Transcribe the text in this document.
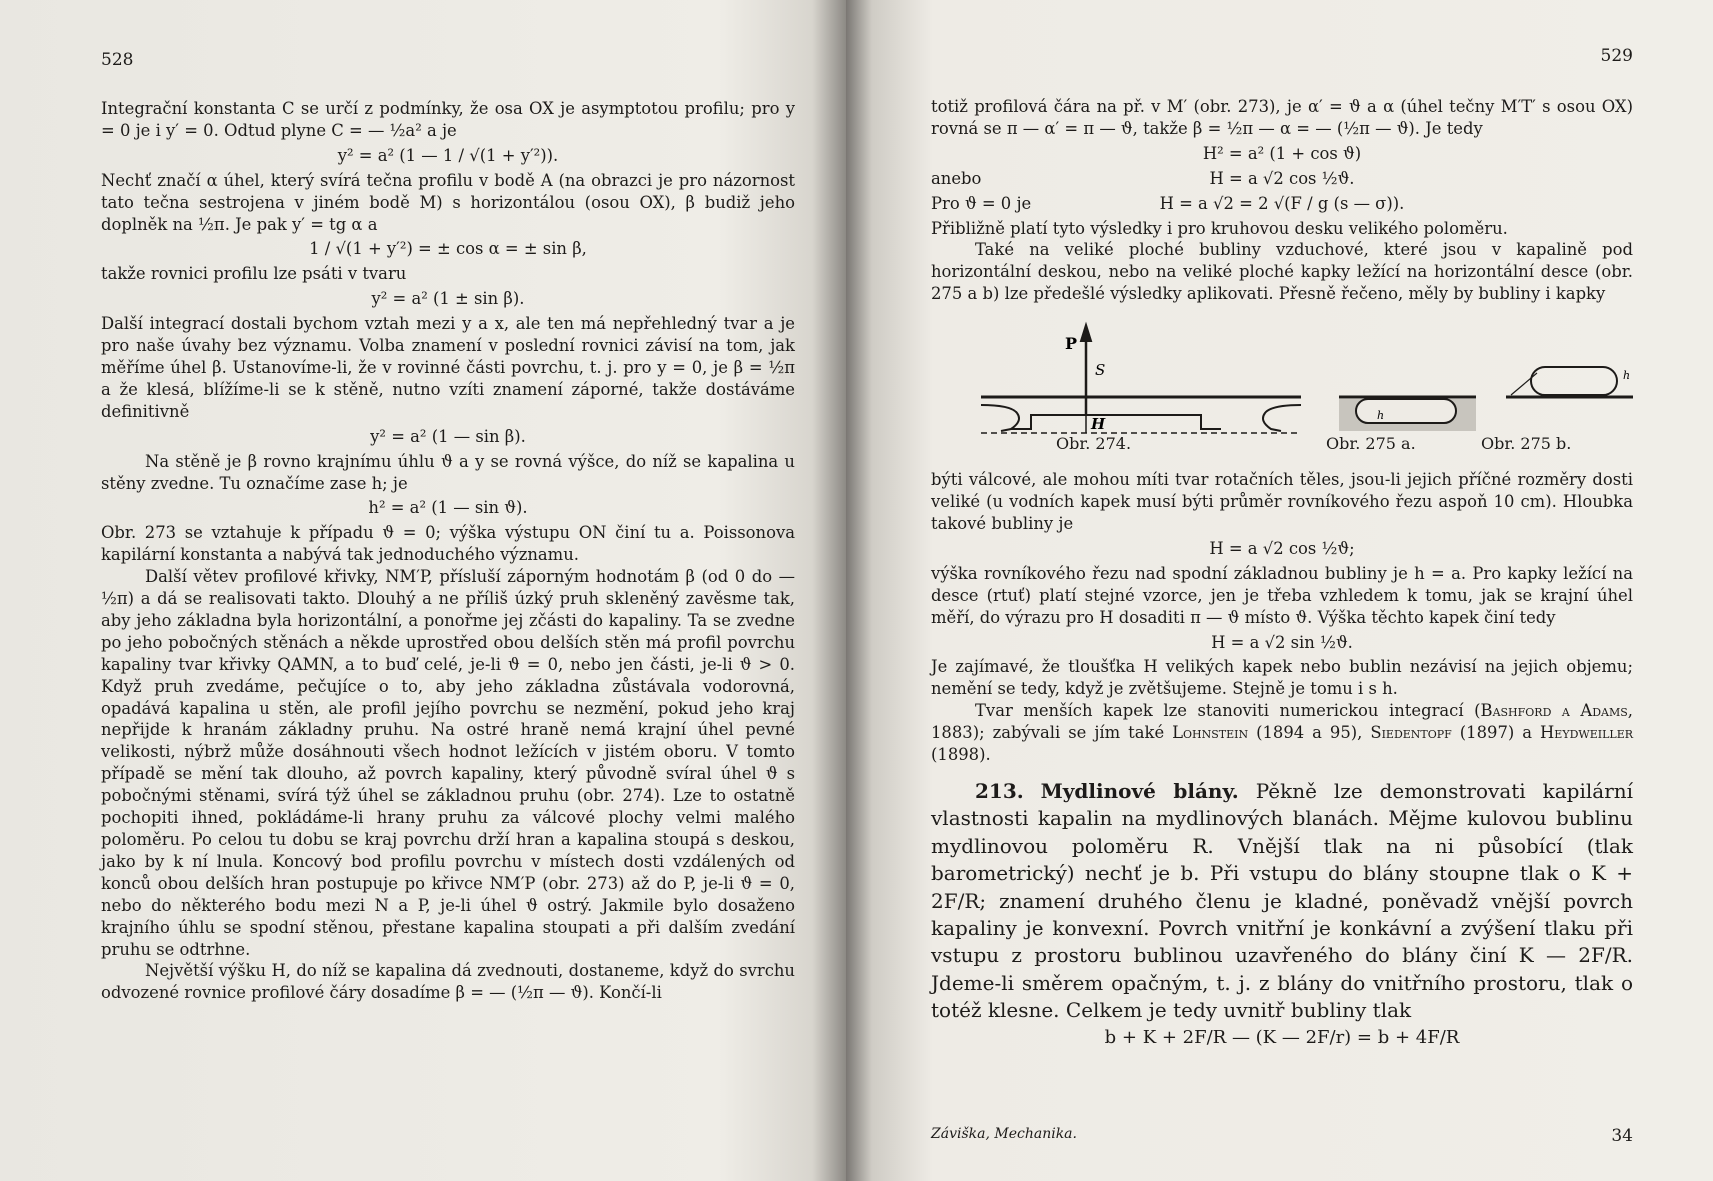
528

Integrační konstanta C se určí z podmínky, že osa OX je asymptotou profilu; pro y = 0 je i y′ = 0. Odtud plyne C = — ½a² a je

y² = a² (1 — 1 / √(1 + y′²)).

Nechť značí α úhel, který svírá tečna profilu v bodě A (na obrazci je pro názornost tato tečna sestrojena v jiném bodě M) s horizontálou (osou OX), β budiž jeho doplněk na ½π. Je pak y′ = tg α a

1 / √(1 + y′²) = ± cos α = ± sin β,

takže rovnici profilu lze psáti v tvaru

y² = a² (1 ± sin β).

Další integrací dostali bychom vztah mezi y a x, ale ten má nepřehledný tvar a je pro naše úvahy bez významu. Volba znamení v poslední rovnici závisí na tom, jak měříme úhel β. Ustanovíme-li, že v rovinné části povrchu, t. j. pro y = 0, je β = ½π a že klesá, blížíme-li se k stěně, nutno vzíti znamení záporné, takže dostáváme definitivně

y² = a² (1 — sin β).

Na stěně je β rovno krajnímu úhlu ϑ a y se rovná výšce, do níž se kapalina u stěny zvedne. Tu označíme zase h; je

h² = a² (1 — sin ϑ).

Obr. 273 se vztahuje k případu ϑ = 0; výška výstupu ON činí tu a. Poissonova kapilární konstanta a nabývá tak jednoduchého významu.

Další větev profilové křivky, NM′P, přísluší záporným hodnotám β (od 0 do — ½π) a dá se realisovati takto. Dlouhý a ne příliš úzký pruh skleněný zavěsme tak, aby jeho základna byla horizontální, a ponořme jej zčásti do kapaliny. Ta se zvedne po jeho pobočných stěnách a někde uprostřed obou delších stěn má profil povrchu kapaliny tvar křivky QAMN, a to buď celé, je-li ϑ = 0, nebo jen části, je-li ϑ > 0. Když pruh zvedáme, pečujíce o to, aby jeho základna zůstávala vodorovná, opadává kapalina u stěn, ale profil jejího povrchu se nezmění, pokud jeho kraj nepřijde k hranám základny pruhu. Na ostré hraně nemá krajní úhel pevné velikosti, nýbrž může dosáhnouti všech hodnot ležících v jistém oboru. V tomto případě se mění tak dlouho, až povrch kapaliny, který původně svíral úhel ϑ s pobočnými stěnami, svírá týž úhel se základnou pruhu (obr. 274). Lze to ostatně pochopiti ihned, pokládáme-li hrany pruhu za válcové plochy velmi malého poloměru. Po celou tu dobu se kraj povrchu drží hran a kapalina stoupá s deskou, jako by k ní lnula. Koncový bod profilu povrchu v místech dosti vzdálených od konců obou delších hran postupuje po křivce NM′P (obr. 273) až do P, je-li ϑ = 0, nebo do některého bodu mezi N a P, je-li úhel ϑ ostrý. Jakmile bylo dosaženo krajního úhlu se spodní stěnou, přestane kapalina stoupati a při dalším zvedání pruhu se odtrhne.

Největší výšku H, do níž se kapalina dá zvednouti, dostaneme, když do svrchu odvozené rovnice profilové čáry dosadíme β = — (½π — ϑ). Končí-li

529

totiž profilová čára na př. v M′ (obr. 273), je α′ = ϑ a α (úhel tečny M′T′ s osou OX) rovná se π — α′ = π — ϑ, takže β = ½π — α = — (½π — ϑ). Je tedy

H² = a² (1 + cos ϑ)

anebo	H = a √2 cos ½ϑ.

Pro ϑ = 0 je	H = a √2 = 2 √(F / g (s — σ)).

Přibližně platí tyto výsledky i pro kruhovou desku velikého poloměru.

Také na veliké ploché bubliny vzduchové, které jsou v kapalině pod horizontální deskou, nebo na veliké ploché kapky ležící na horizontální desce (obr. 275 a b) lze předešlé výsledky aplikovati. Přesně řečeno, měly by bubliny i kapky

P
S
H	h
h
Obr. 274.	Obr. 275 a.	Obr. 275 b.

býti válcové, ale mohou míti tvar rotačních těles, jsou-li jejich příčné rozměry dosti veliké (u vodních kapek musí býti průměr rovníkového řezu aspoň 10 cm). Hloubka takové bubliny je

H = a √2 cos ½ϑ;

výška rovníkového řezu nad spodní základnou bubliny je h = a. Pro kapky ležící na desce (rtuť) platí stejné vzorce, jen je třeba vzhledem k tomu, jak se krajní úhel měří, do výrazu pro H dosaditi π — ϑ místo ϑ. Výška těchto kapek činí tedy

H = a √2 sin ½ϑ.

Je zajímavé, že tloušťka H velikých kapek nebo bublin nezávisí na jejich objemu; nemění se tedy, když je zvětšujeme. Stejně je tomu i s h.

Tvar menších kapek lze stanoviti numerickou integrací (Bashford a Adams, 1883); zabývali se jím také Lohnstein (1894 a 95), Siedentopf (1897) a Heydweiller (1898).

213. Mydlinové blány. Pěkně lze demonstrovati kapilární vlastnosti kapalin na mydlinových blanách. Mějme kulovou bublinu mydlinovou poloměru R. Vnější tlak na ni působící (tlak barometrický) nechť je b. Při vstupu do blány stoupne tlak o K + 2F/R; znamení druhého členu je kladné, poněvadž vnější povrch kapaliny je konvexní. Povrch vnitřní je konkávní a zvýšení tlaku při vstupu z prostoru bublinou uzavřeného do blány činí K — 2F/R. Jdeme-li směrem opačným, t. j. z blány do vnitřního prostoru, tlak o totéž klesne. Celkem je tedy uvnitř bubliny tlak

b + K + 2F/R — (K — 2F/r) = b + 4F/R

Záviška, Mechanika.	34
